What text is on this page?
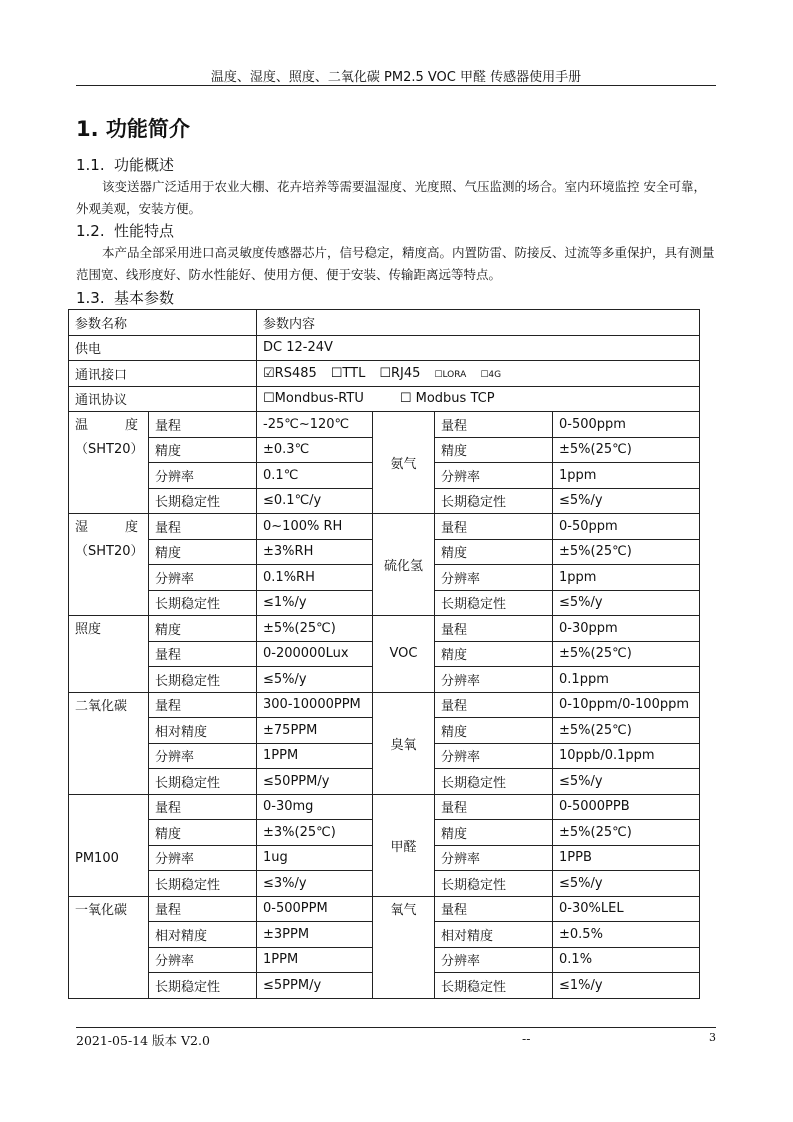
温度、湿度、照度、二氧化碳 PM2.5 VOC 甲醛 传感器使用手册
1. 功能简介
1.1. 功能概述
该变送器广泛适用于农业大棚、花卉培养等需要温湿度、光度照、气压监测的场合。室内环境监控 安全可靠，外观美观，安装方便。
1.2. 性能特点
本产品全部采用进口高灵敏度传感器芯片，信号稳定，精度高。内置防雷、防接反、过流等多重保护，具有测量范围宽、线形度好、防水性能好、使用方便、便于安装、传输距离远等特点。
1.3. 基本参数
参数名称		参数内容			
供电		DC 12-24V			
通讯接口		☑RS485 ☐TTL ☐RJ45 ☐LORA ☐4G			
通讯协议		☐Mondbus-RTU ☐ Modbus TCP			

温 度
（SHT20）	量程	-25℃~120℃	氨气	量程	0-500ppm
	精度	±0.3℃		精度	±5%(25℃)
	分辨率	0.1℃		分辨率	1ppm
	长期稳定性	≤0.1℃/y		长期稳定性	≤5%/y

湿 度
（SHT20）	量程	0~100% RH	硫化氢	量程	0-50ppm
	精度	±3%RH		精度	±5%(25℃)
	分辨率	0.1%RH		分辨率	1ppm
	长期稳定性	≤1%/y		长期稳定性	≤5%/y
照度	精度	±5%(25℃)	VOC	量程	0-30ppm
	量程	0-200000Lux		精度	±5%(25℃)
	长期稳定性	≤5%/y		分辨率	0.1ppm
二氧化碳	量程	300-10000PPM	臭氧	量程	0-10ppm/0-100ppm
	相对精度	±75PPM		精度	±5%(25℃)
	分辨率	1PPM		分辨率	10ppb/0.1ppm
	长期稳定性	≤50PPM/y		长期稳定性	≤5%/y
PM100	量程	0-30mg	甲醛	量程	0-5000PPB
	精度	±3%(25℃)		精度	±5%(25℃)
	分辨率	1ug		分辨率	1PPB
	长期稳定性	≤3%/y		长期稳定性	≤5%/y
一氧化碳	量程	0-500PPM	氧气	量程	0-30%LEL
	相对精度	±3PPM		相对精度	±0.5%
	分辨率	1PPM		分辨率	0.1%
	长期稳定性	≤5PPM/y		长期稳定性	≤1%/y
2021-05-14 版本 V2.0	--	3
